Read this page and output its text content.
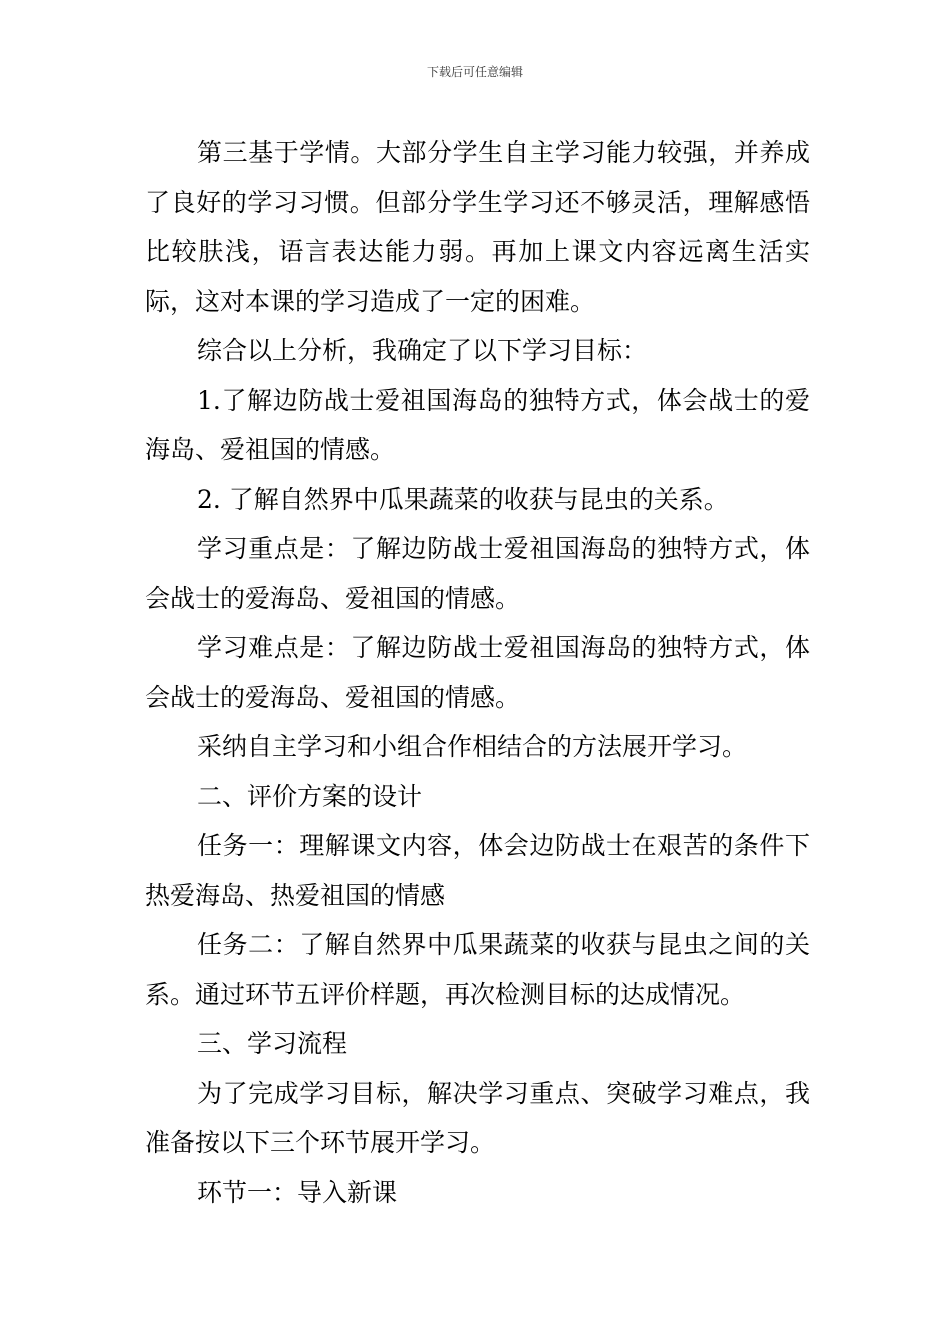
下载后可任意编辑

第三基于学情。大部分学生自主学习能力较强，并养成了良好的学习习惯。但部分学生学习还不够灵活，理解感悟比较肤浅，语言表达能力弱。再加上课文内容远离生活实际，这对本课的学习造成了一定的困难。

综合以上分析，我确定了以下学习目标：

1.了解边防战士爱祖国海岛的独特方式，体会战士的爱海岛、爱祖国的情感。

2. 了解自然界中瓜果蔬菜的收获与昆虫的关系。

学习重点是：了解边防战士爱祖国海岛的独特方式，体会战士的爱海岛、爱祖国的情感。

学习难点是：了解边防战士爱祖国海岛的独特方式，体会战士的爱海岛、爱祖国的情感。

采纳自主学习和小组合作相结合的方法展开学习。

二、评价方案的设计

任务一：理解课文内容，体会边防战士在艰苦的条件下热爱海岛、热爱祖国的情感

任务二：了解自然界中瓜果蔬菜的收获与昆虫之间的关系。通过环节五评价样题，再次检测目标的达成情况。

三、学习流程

为了完成学习目标，解决学习重点、突破学习难点，我准备按以下三个环节展开学习。

环节一：导入新课
